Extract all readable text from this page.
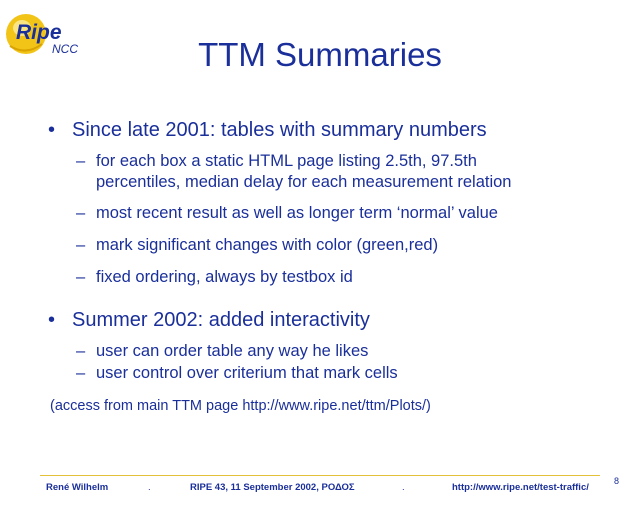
Ripe
NCC	TTM Summaries
• Since late 2001: tables with summary numbers
– for each box a static HTML page listing 2.5th, 97.5th
percentiles, median delay for each measurement relation
– most recent result as well as longer term ‘normal’ value
– mark significant changes with color (green,red)
– fixed ordering, always by testbox id
• Summer 2002: added interactivity
– user can order table any way he likes
– user control over criterium that mark cells
(access from main TTM page http://www.ripe.net/ttm/Plots/)
René Wilhelm	.	RIPE 43, 11 September 2002, ΡΟΔΟΣ	.	http://www.ripe.net/test-traffic/
8
